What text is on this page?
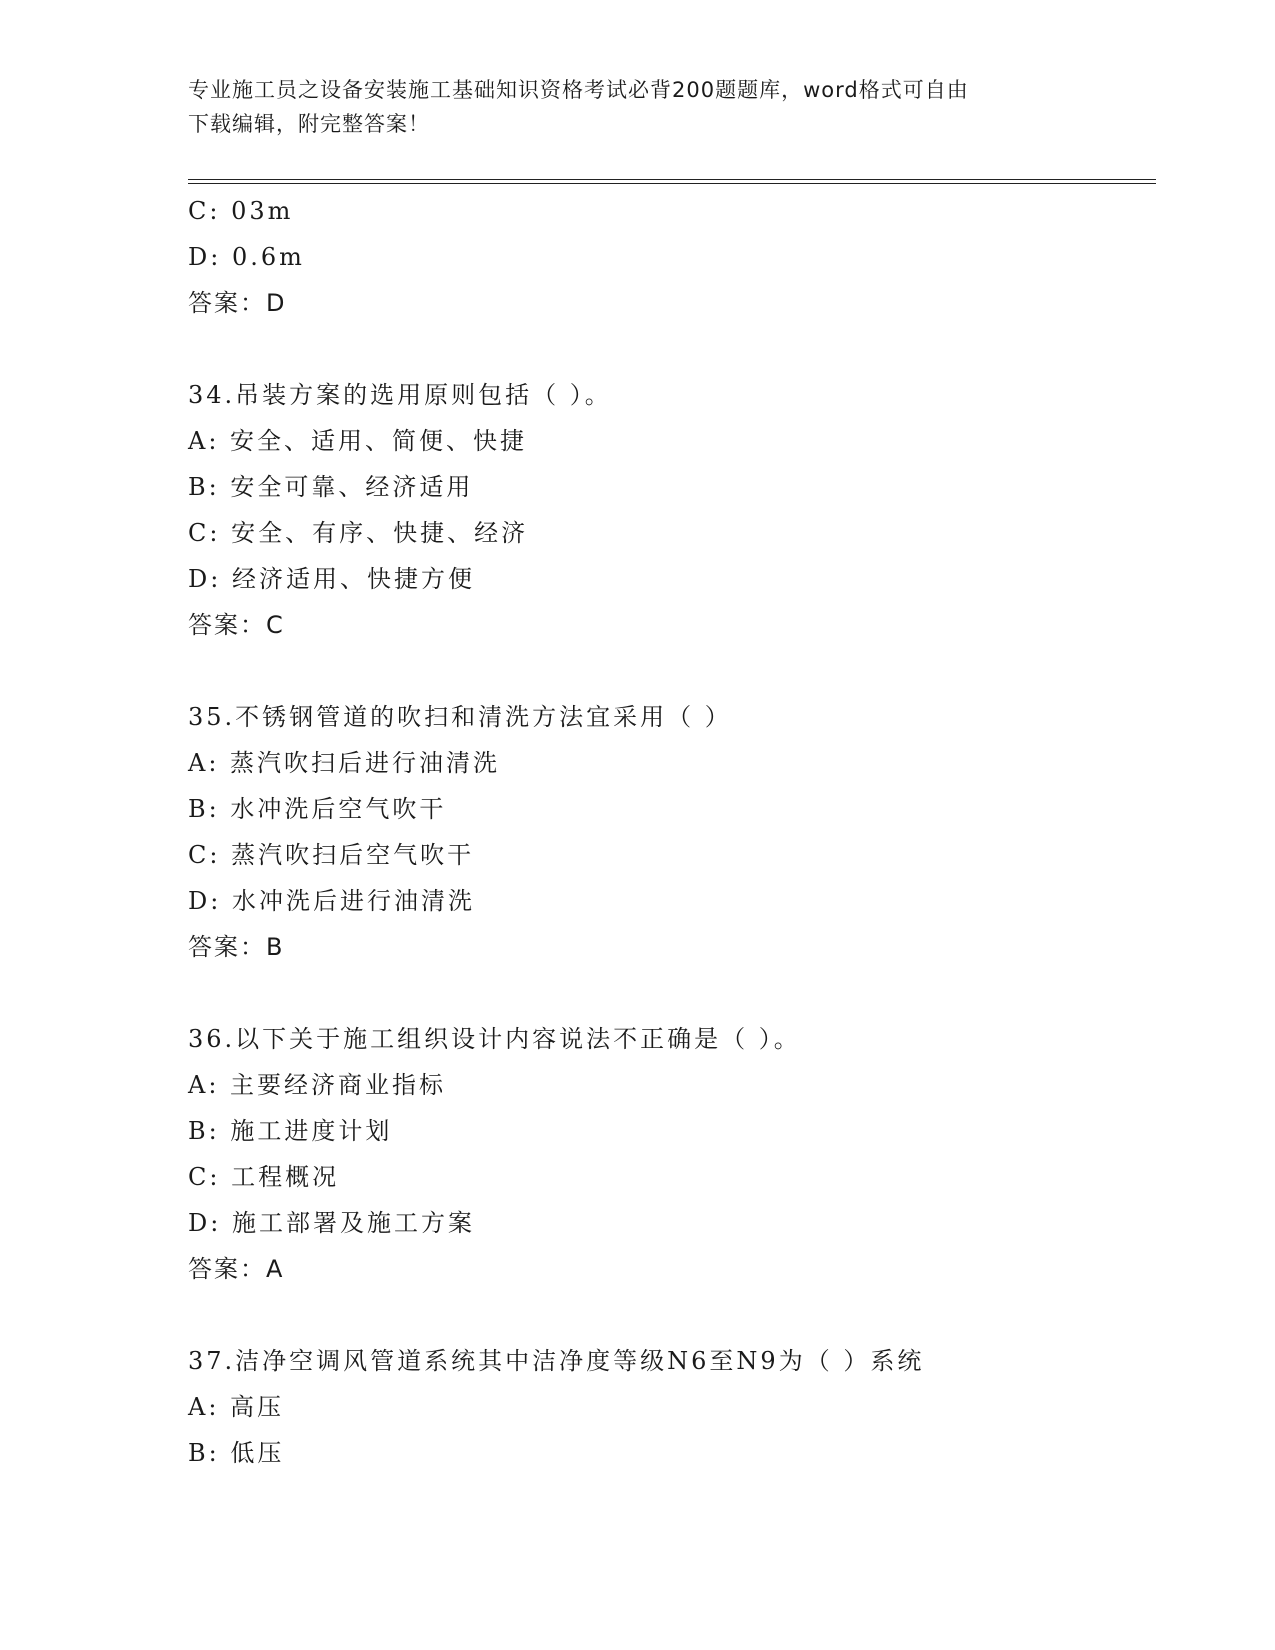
专业施工员之设备安装施工基础知识资格考试必背200题题库，word格式可自由
下载编辑，附完整答案！
C: 03m
D: 0.6m
答案：D
34.吊装方案的选用原则包括（ ）。
A: 安全、适用、简便、快捷
B: 安全可靠、经济适用
C: 安全、有序、快捷、经济
D: 经济适用、快捷方便
答案：C
35.不锈钢管道的吹扫和清洗方法宜采用（ ）
A: 蒸汽吹扫后进行油清洗
B: 水冲洗后空气吹干
C: 蒸汽吹扫后空气吹干
D: 水冲洗后进行油清洗
答案：B
36.以下关于施工组织设计内容说法不正确是（ ）。
A: 主要经济商业指标
B: 施工进度计划
C: 工程概况
D: 施工部署及施工方案
答案：A
37.洁净空调风管道系统其中洁净度等级N6至N9为（ ）系统
A: 高压
B: 低压
